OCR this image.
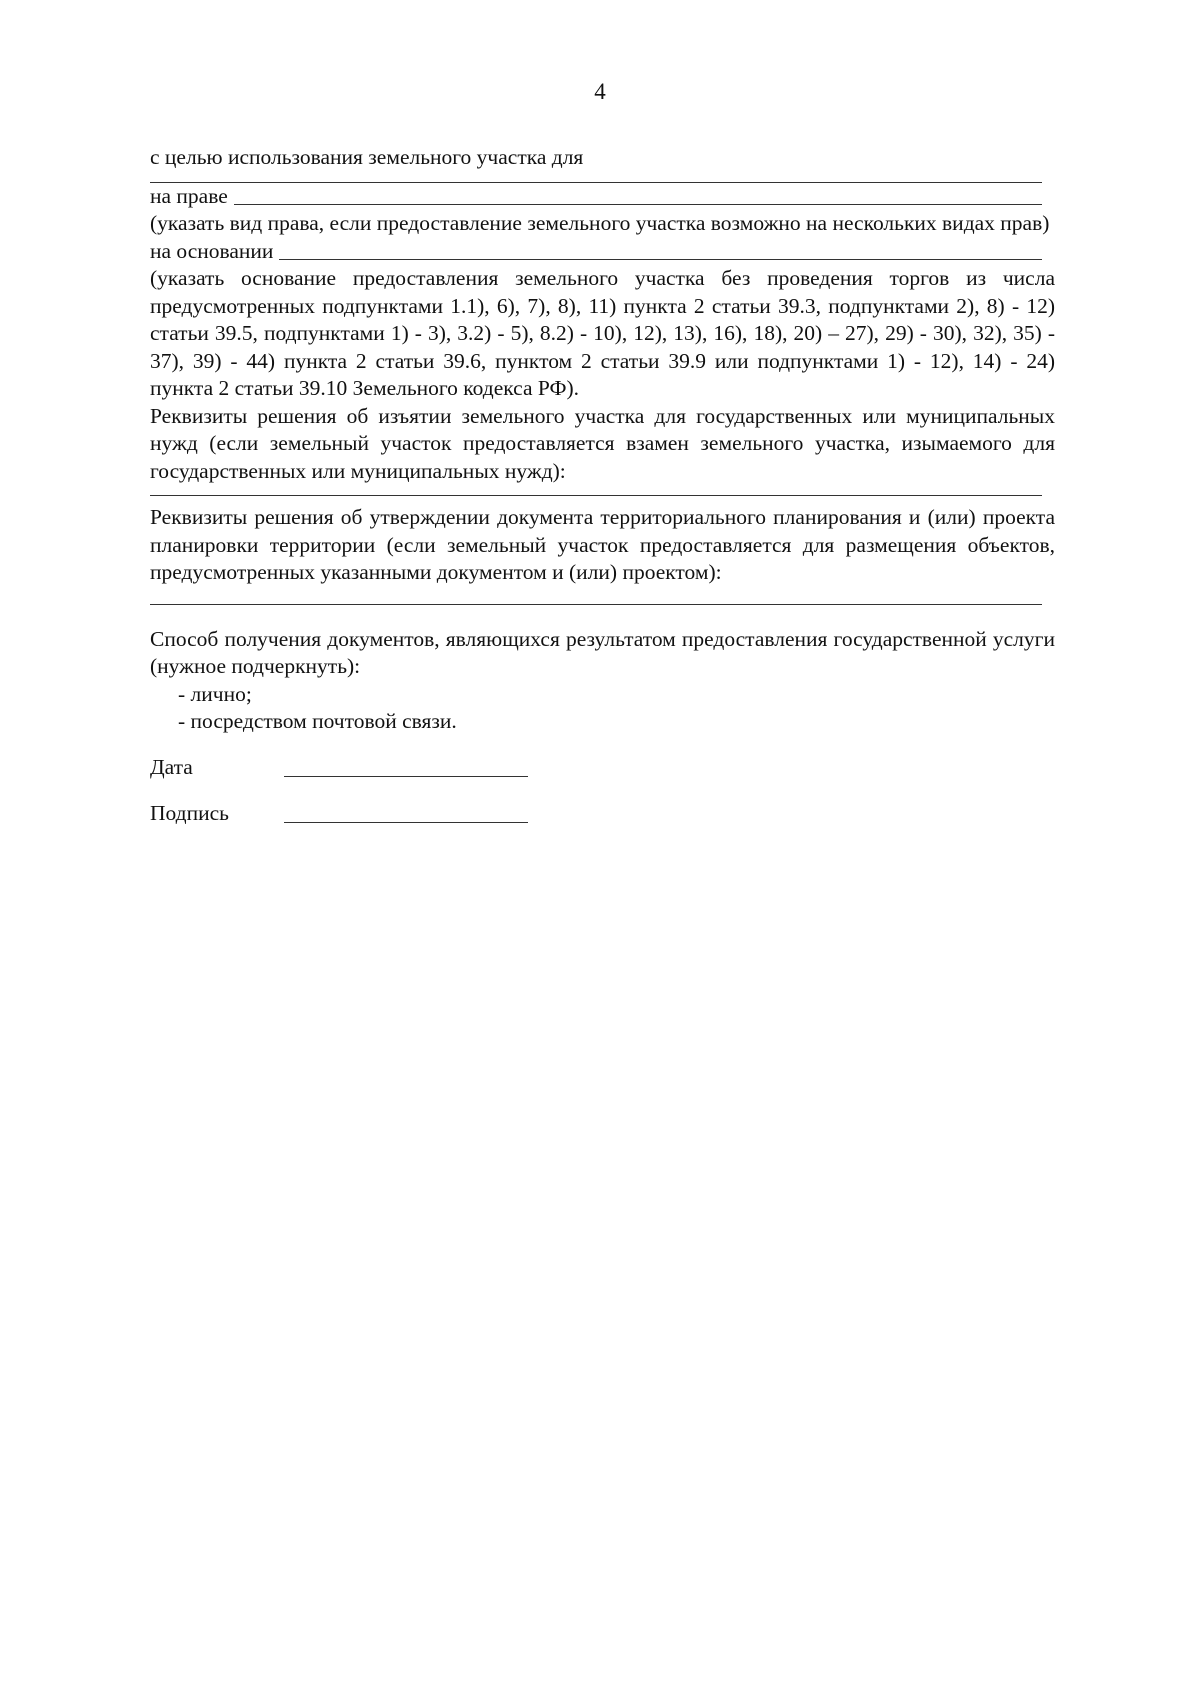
4

с целью использования земельного участка для

на праве

(указать вид права, если предоставление земельного участка возможно на нескольких видах прав)

на основании

(указать основание предоставления земельного участка без проведения торгов из числа предусмотренных подпунктами 1.1), 6), 7), 8), 11) пункта 2 статьи 39.3, подпунктами 2), 8) - 12) статьи 39.5, подпунктами 1) - 3), 3.2) - 5), 8.2) - 10), 12), 13), 16), 18), 20) – 27), 29) - 30), 32), 35) - 37), 39) - 44) пункта 2 статьи 39.6, пунктом 2 статьи 39.9 или подпунктами 1) - 12), 14) - 24) пункта 2 статьи 39.10 Земельного кодекса РФ).

Реквизиты решения об изъятии земельного участка для государственных или муниципальных нужд (если земельный участок предоставляется взамен земельного участка, изымаемого для государственных или муниципальных нужд):

Реквизиты решения об утверждении документа территориального планирования и (или) проекта планировки территории (если земельный участок предоставляется для размещения объектов, предусмотренных указанными документом и (или) проектом):

Способ получения документов, являющихся результатом предоставления государственной услуги (нужное подчеркнуть):

- лично;
- посредством почтовой связи.
Дата
Подпись
